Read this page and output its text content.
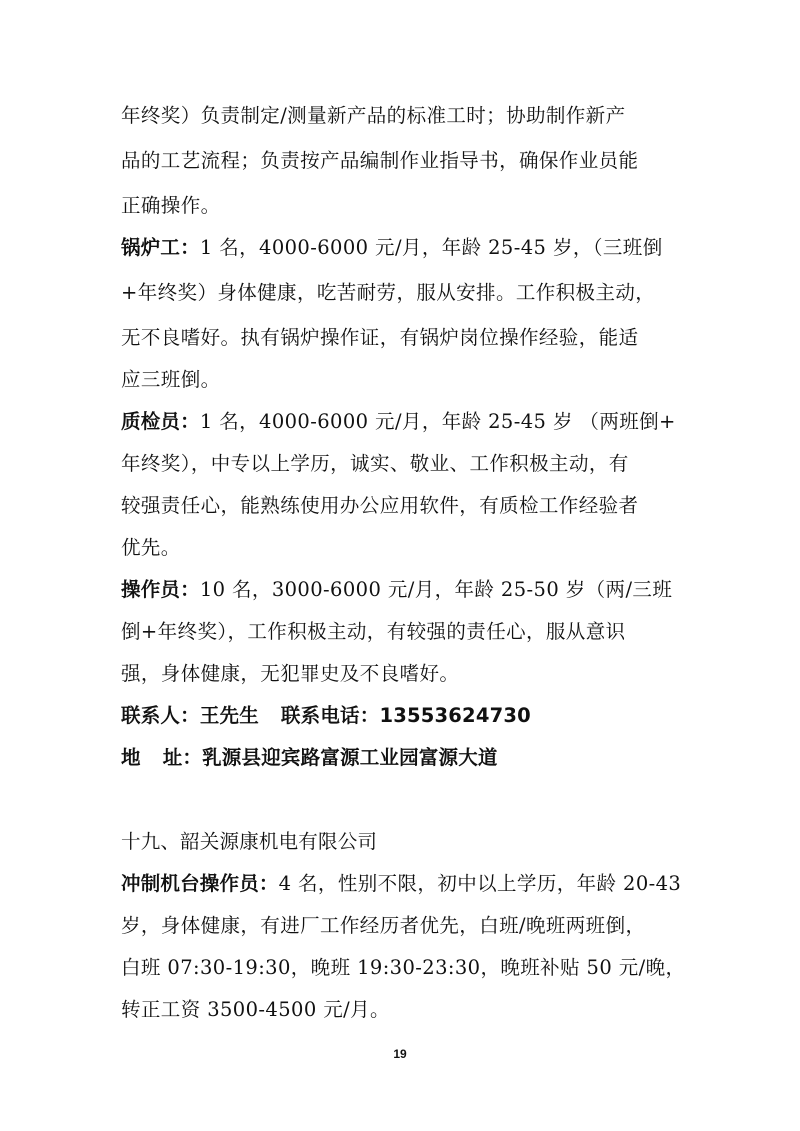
年终奖）负责制定/测量新产品的标准工时；协助制作新产
品的工艺流程；负责按产品编制作业指导书，确保作业员能
正确操作。
锅炉工：1 名，4000-6000 元/月，年龄 25-45 岁，（三班倒
+年终奖）身体健康，吃苦耐劳，服从安排。工作积极主动，
无不良嗜好。执有锅炉操作证，有锅炉岗位操作经验，能适
应三班倒。
质检员：1 名，4000-6000 元/月，年龄 25-45 岁 （两班倒+
年终奖），中专以上学历，诚实、敬业、工作积极主动，有
较强责任心，能熟练使用办公应用软件，有质检工作经验者
优先。
操作员：10 名，3000-6000 元/月，年龄 25-50 岁（两/三班
倒+年终奖），工作积极主动，有较强的责任心，服从意识
强，身体健康，无犯罪史及不良嗜好。
联系人：王先生 联系电话：13553624730
地 址：乳源县迎宾路富源工业园富源大道
十九、韶关源康机电有限公司
冲制机台操作员：4 名，性别不限，初中以上学历，年龄 20-43
岁，身体健康，有进厂工作经历者优先，白班/晚班两班倒，
白班 07:30-19:30，晚班 19:30-23:30，晚班补贴 50 元/晚，
转正工资 3500-4500 元/月。
19
